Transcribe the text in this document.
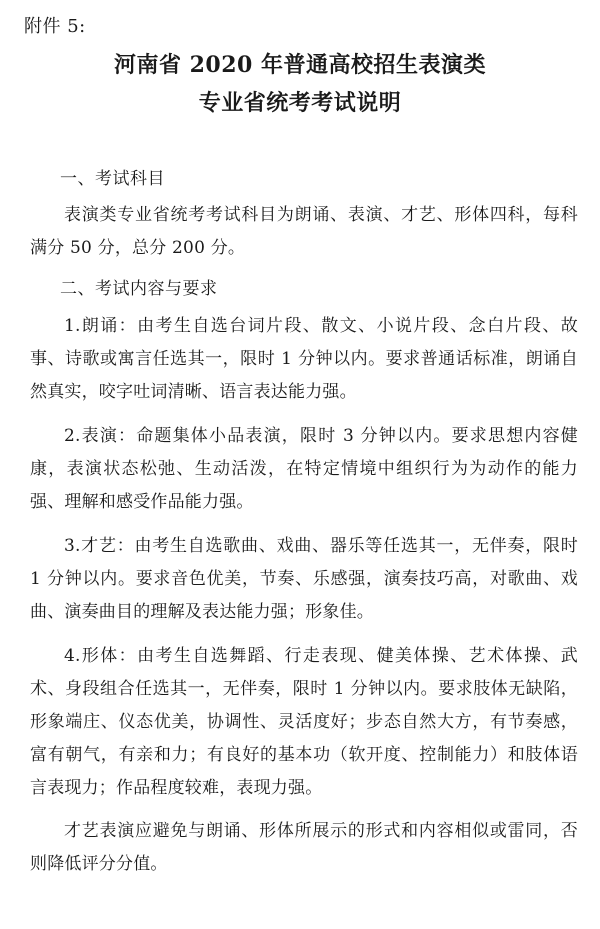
附件 5:
河南省 2020 年普通高校招生表演类
专业省统考考试说明
一、考试科目
表演类专业省统考考试科目为朗诵、表演、才艺、形体四科，每科满分 50 分，总分 200 分。
二、考试内容与要求
1.朗诵：由考生自选台词片段、散文、小说片段、念白片段、故事、诗歌或寓言任选其一，限时 1 分钟以内。要求普通话标准，朗诵自然真实，咬字吐词清晰、语言表达能力强。
2.表演：命题集体小品表演，限时 3 分钟以内。要求思想内容健康，表演状态松弛、生动活泼，在特定情境中组织行为为动作的能力强、理解和感受作品能力强。
3.才艺：由考生自选歌曲、戏曲、器乐等任选其一，无伴奏，限时 1 分钟以内。要求音色优美，节奏、乐感强，演奏技巧高，对歌曲、戏曲、演奏曲目的理解及表达能力强；形象佳。
4.形体：由考生自选舞蹈、行走表现、健美体操、艺术体操、武术、身段组合任选其一，无伴奏，限时 1 分钟以内。要求肢体无缺陷，形象端庄、仪态优美，协调性、灵活度好；步态自然大方，有节奏感，富有朝气，有亲和力；有良好的基本功（软开度、控制能力）和肢体语言表现力；作品程度较难，表现力强。
才艺表演应避免与朗诵、形体所展示的形式和内容相似或雷同，否则降低评分分值。
